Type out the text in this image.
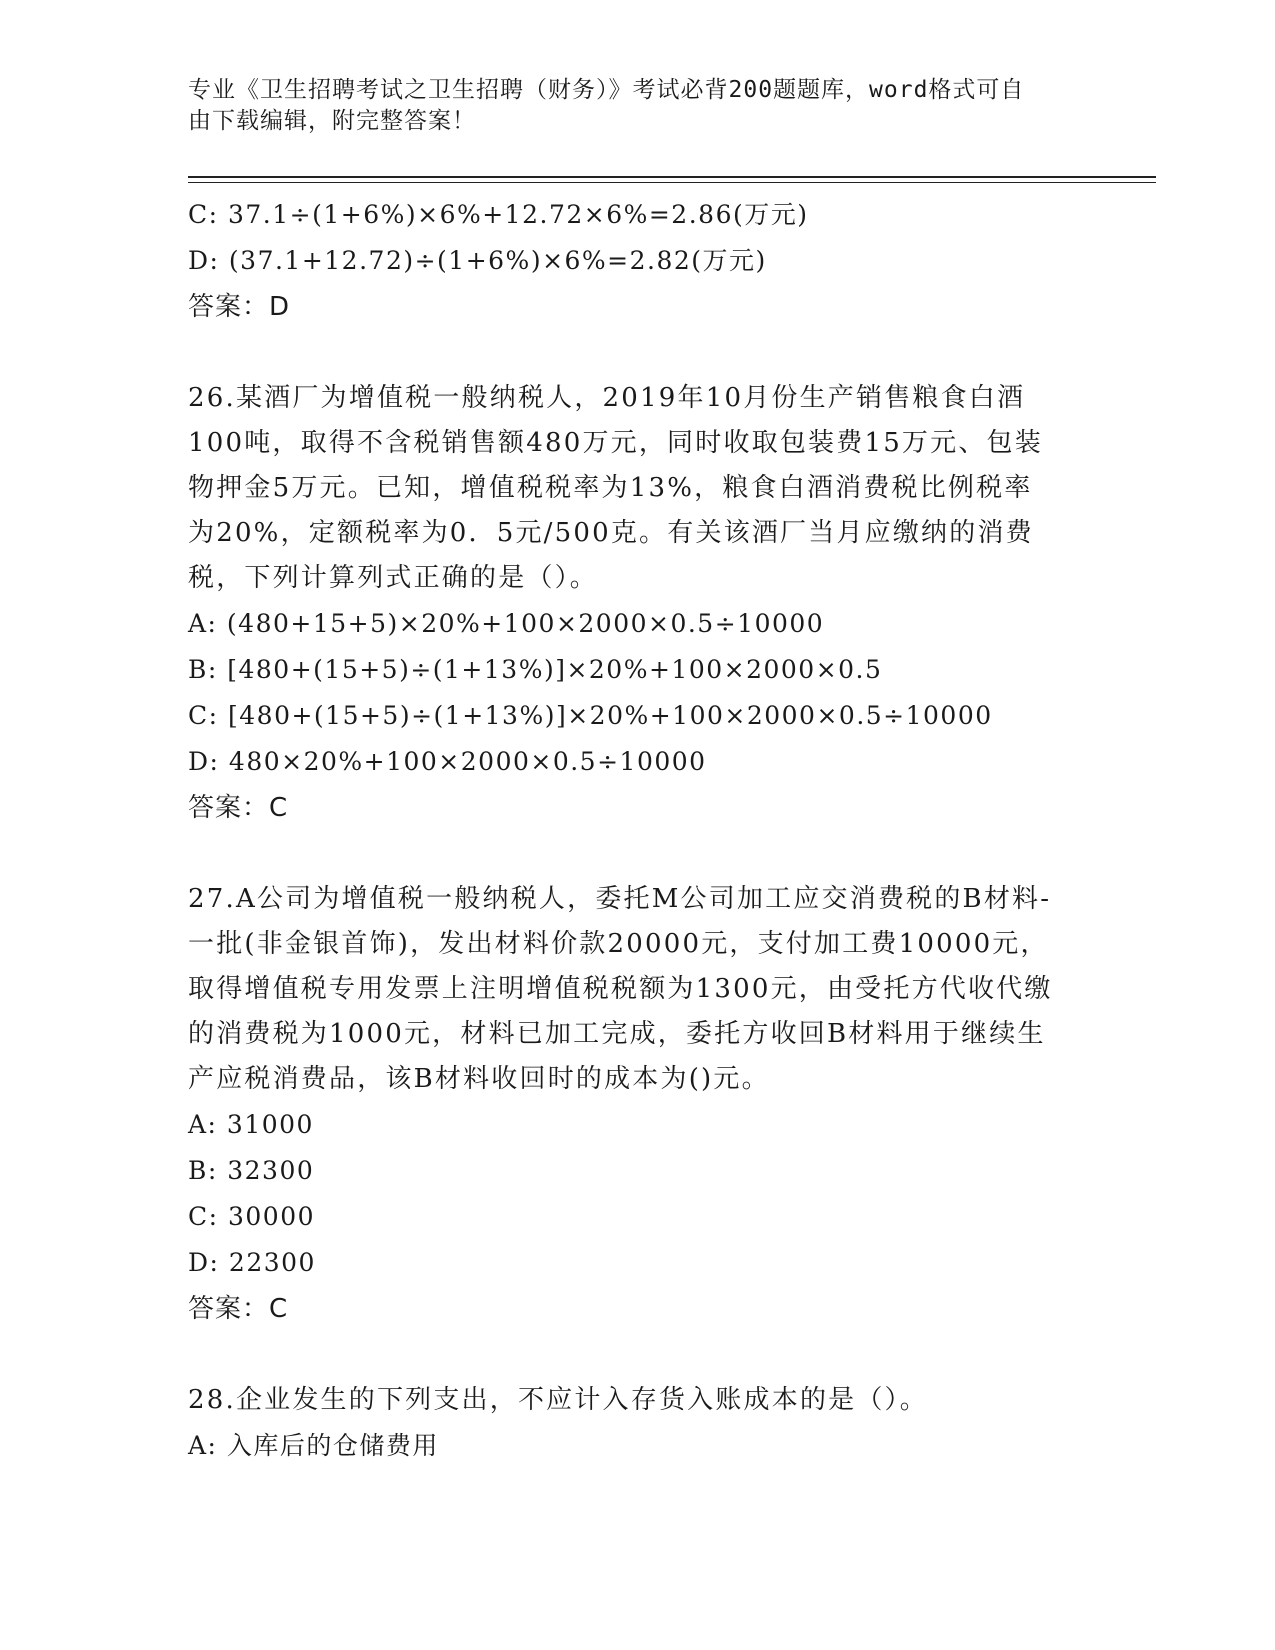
专业《卫生招聘考试之卫生招聘（财务）》考试必背200题题库，word格式可自
由下载编辑，附完整答案！
C: 37.1÷(1+6%)×6%+12.72×6%=2.86(万元)
D: (37.1+12.72)÷(1+6%)×6%=2.82(万元)
答案：D
26.某酒厂为增值税一般纳税人，2019年10月份生产销售粮食白酒
100吨，取得不含税销售额480万元，同时收取包装费15万元、包装
物押金5万元。已知，增值税税率为13%，粮食白酒消费税比例税率
为20%，定额税率为0．5元/500克。有关该酒厂当月应缴纳的消费
税，下列计算列式正确的是（）。
A: (480+15+5)×20%+100×2000×0.5÷10000
B: [480+(15+5)÷(1+13%)]×20%+100×2000×0.5
C: [480+(15+5)÷(1+13%)]×20%+100×2000×0.5÷10000
D: 480×20%+100×2000×0.5÷10000
答案：C
27.A公司为增值税一般纳税人，委托M公司加工应交消费税的B材料-
一批(非金银首饰)，发出材料价款20000元，支付加工费10000元，
取得增值税专用发票上注明增值税税额为1300元，由受托方代收代缴
的消费税为1000元，材料已加工完成，委托方收回B材料用于继续生
产应税消费品，该B材料收回时的成本为()元。
A: 31000
B: 32300
C: 30000
D: 22300
答案：C
28.企业发生的下列支出，不应计入存货入账成本的是（）。
A: 入库后的仓储费用
